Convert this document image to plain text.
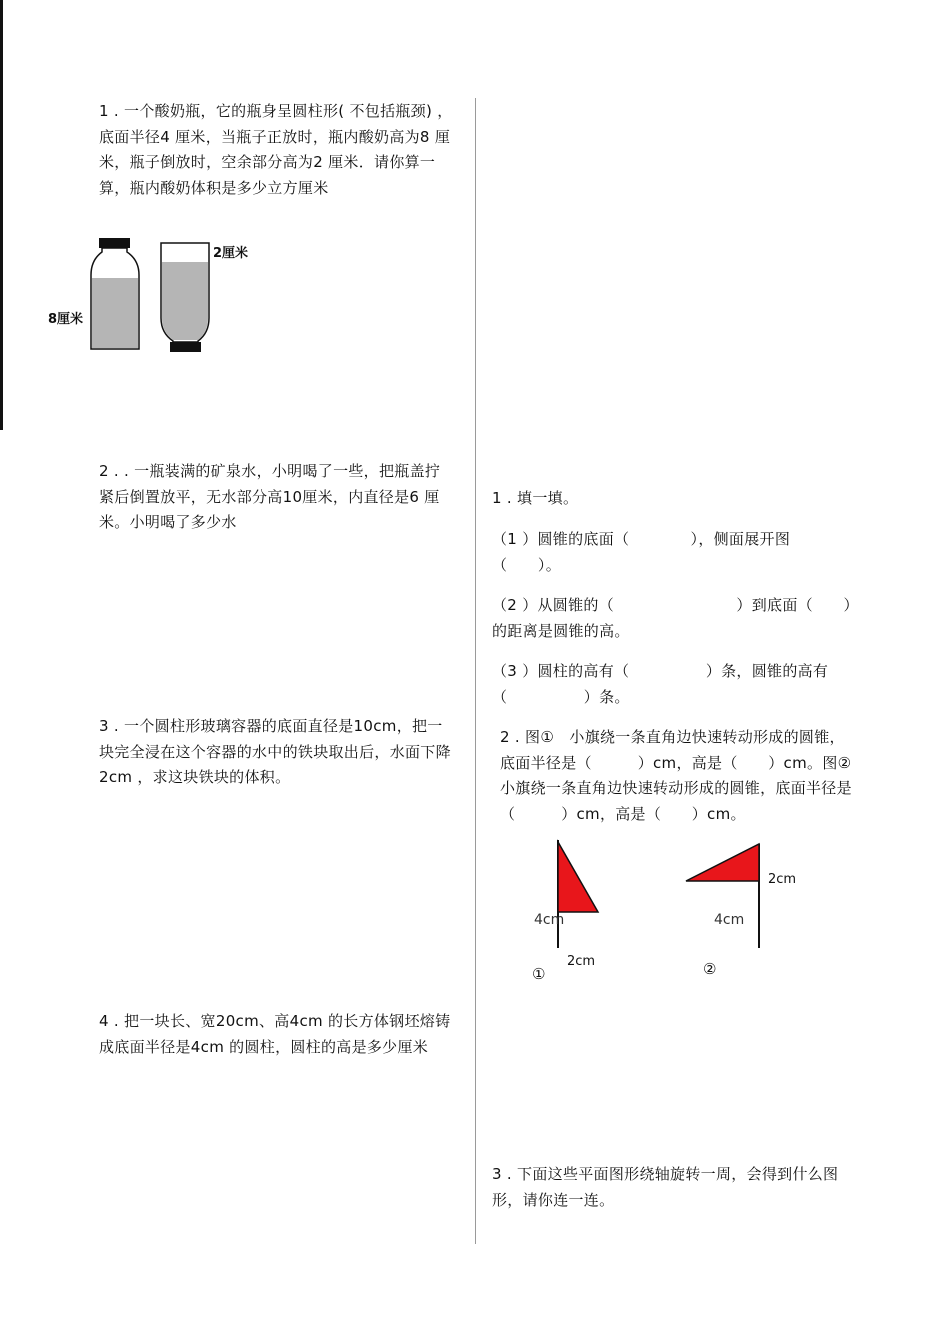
1 . 一个酸奶瓶，它的瓶身呈圆柱形( 不包括瓶颈) ，底面半径4 厘米，当瓶子正放时，瓶内酸奶高为8 厘米，瓶子倒放时，空余部分高为2 厘米．请你算一算，瓶内酸奶体积是多少立方厘米
8厘米
2厘米
2 . . 一瓶装满的矿泉水，小明喝了一些，把瓶盖拧紧后倒置放平，无水部分高10厘米，内直径是6 厘米。小明喝了多少水
3 . 一个圆柱形玻璃容器的底面直径是10cm，把一块完全浸在这个容器的水中的铁块取出后，水面下降2cm ，求这块铁块的体积。
4 . 把一块长、宽20cm、高4cm 的长方体钢坯熔铸成底面半径是4cm 的圆柱，圆柱的高是多少厘米
1 . 填一填。
（1 ）圆锥的底面（　　　　），侧面展开图（　　）。
（2 ）从圆锥的（　　　　　　　　）到底面（　　）的距离是圆锥的高。
（3 ）圆柱的高有（　　　　　）条，圆锥的高有（　　　　　）条。
2 . 图①　小旗绕一条直角边快速转动形成的圆锥，底面半径是（　　　）cm，高是（　　）cm。图②小旗绕一条直角边快速转动形成的圆锥，底面半径是（　　　）cm，高是（　　）cm。
4cm
2cm
①
2cm
4cm
②
3 . 下面这些平面图形绕轴旋转一周，会得到什么图形，请你连一连。
